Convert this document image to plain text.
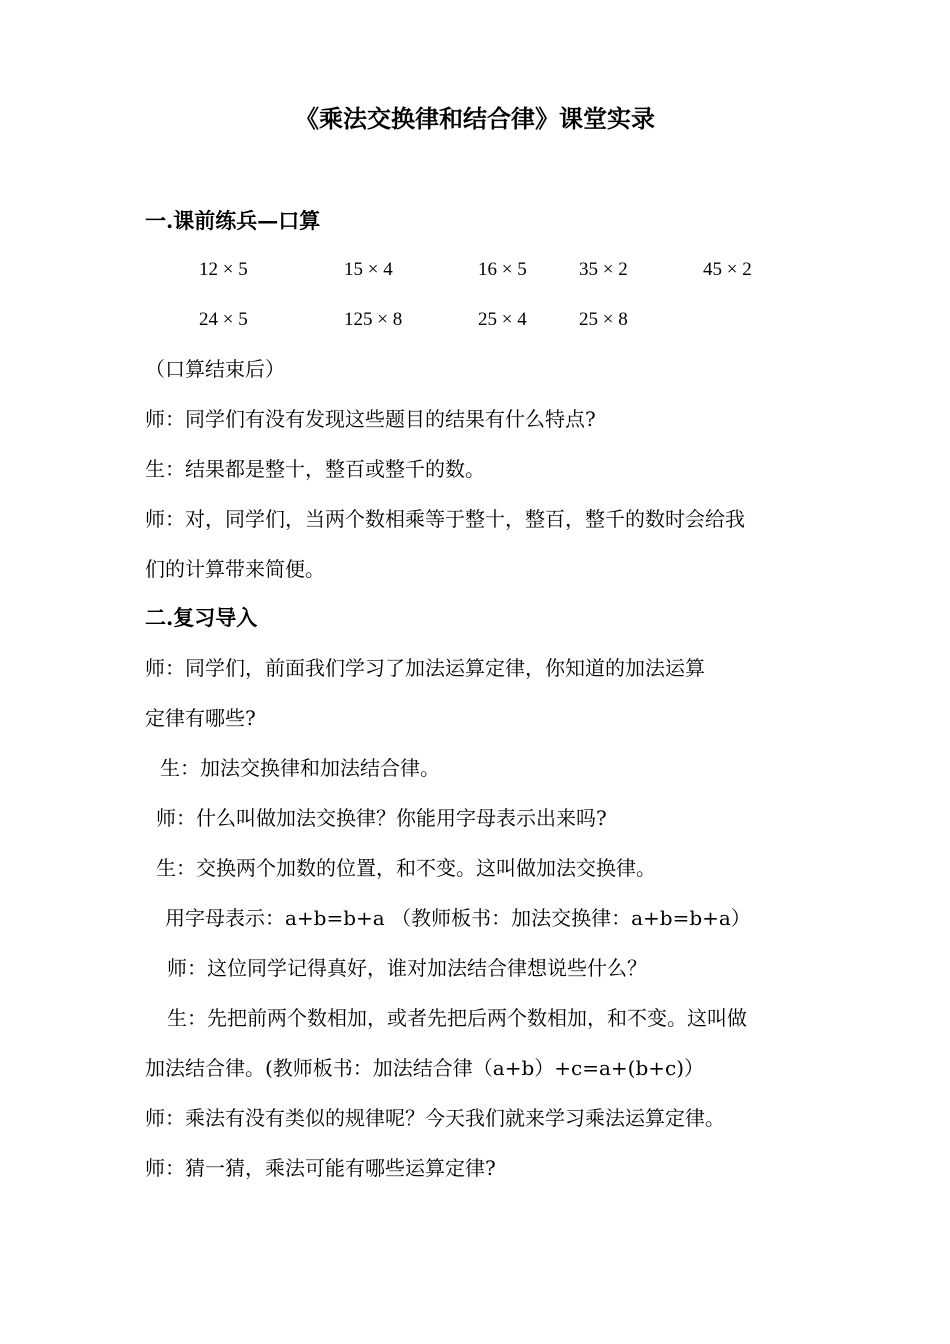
《乘法交换律和结合律》课堂实录
一.课前练兵—口算
12 × 5	15 × 4	16 × 5	35 × 2	45 × 2
24 × 5	125 × 8	25 × 4	25 × 8
（口算结束后）
师：同学们有没有发现这些题目的结果有什么特点?
生：结果都是整十，整百或整千的数。
师：对，同学们，当两个数相乘等于整十，整百，整千的数时会给我
们的计算带来简便。
二.复习导入
师：同学们，前面我们学习了加法运算定律，你知道的加法运算
定律有哪些?
生：加法交换律和加法结合律。
师：什么叫做加法交换律？你能用字母表示出来吗?
生：交换两个加数的位置，和不变。这叫做加法交换律。
用字母表示：a+b=b+a （教师板书：加法交换律：a+b=b+a）
师：这位同学记得真好，谁对加法结合律想说些什么？
生：先把前两个数相加，或者先把后两个数相加，和不变。这叫做
加法结合律。(教师板书：加法结合律（a+b）+c=a+(b+c)）
师：乘法有没有类似的规律呢？今天我们就来学习乘法运算定律。
师：猜一猜，乘法可能有哪些运算定律?
